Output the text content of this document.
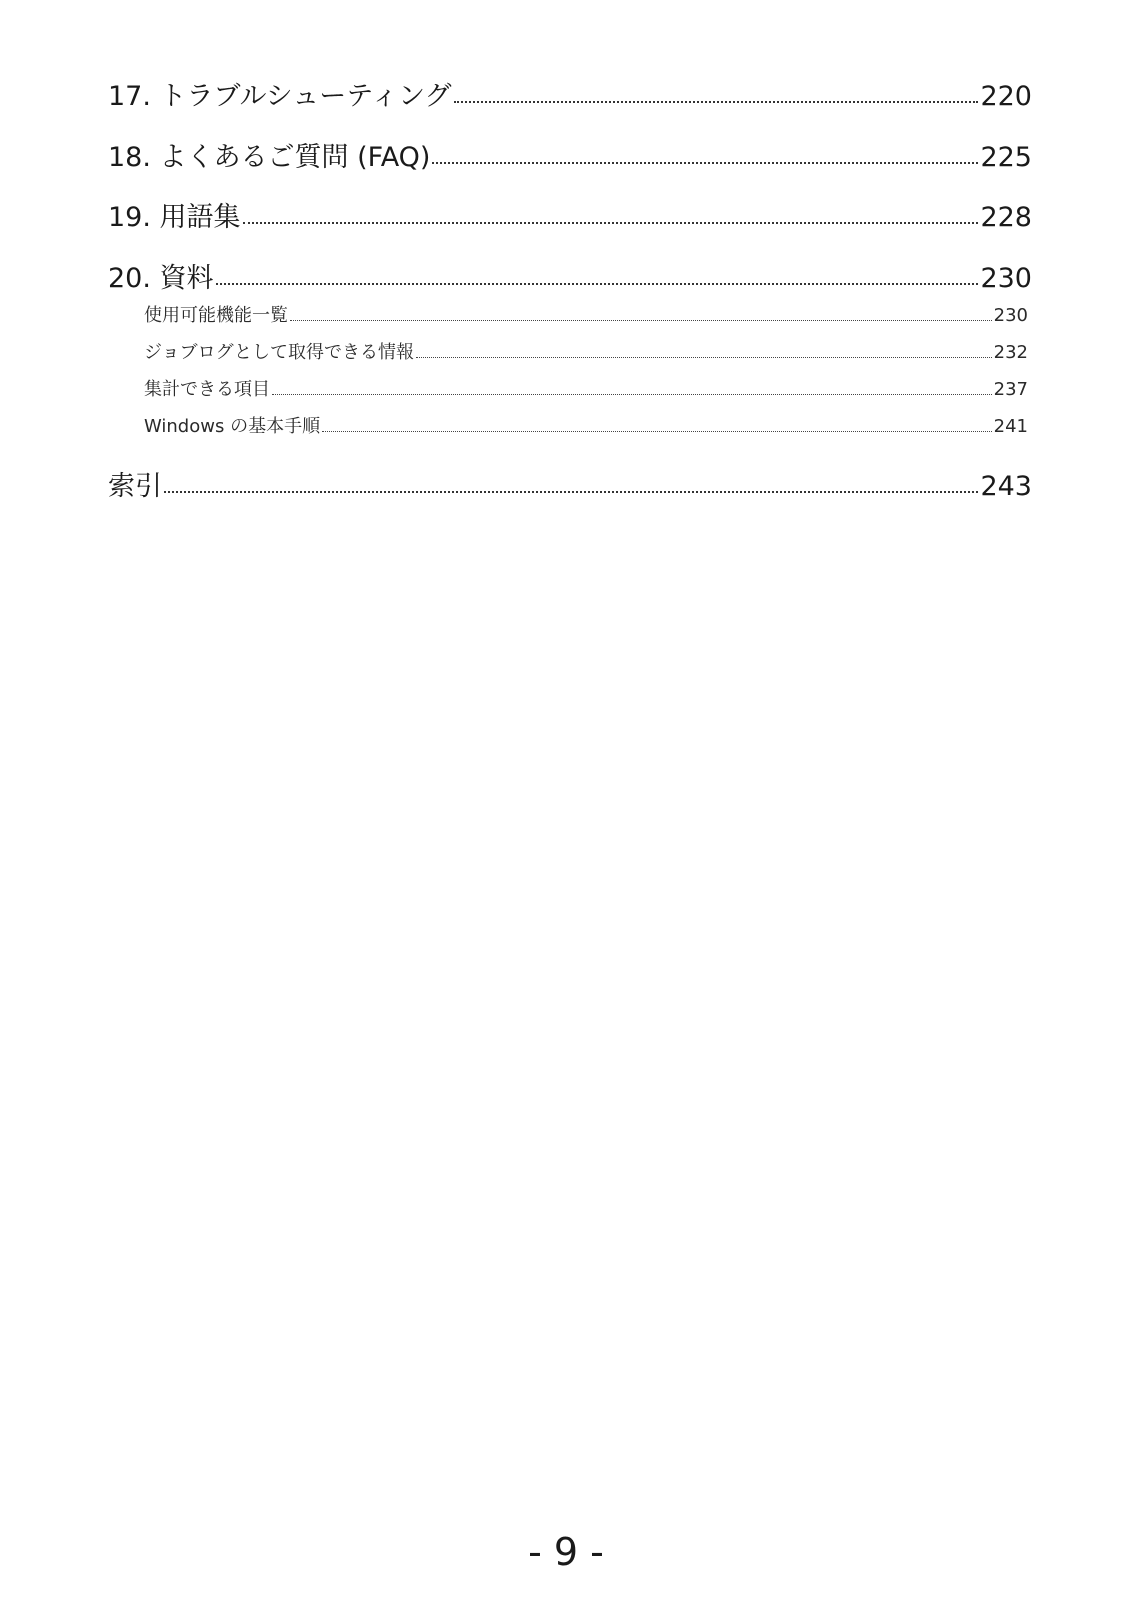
17. トラブルシューティング	220
18. よくあるご質問 (FAQ)	225
19. 用語集	228
20. 資料	230
使用可能機能一覧	230
ジョブログとして取得できる情報	232
集計できる項目	237
Windows の基本手順	241
索引	243
- 9 -
